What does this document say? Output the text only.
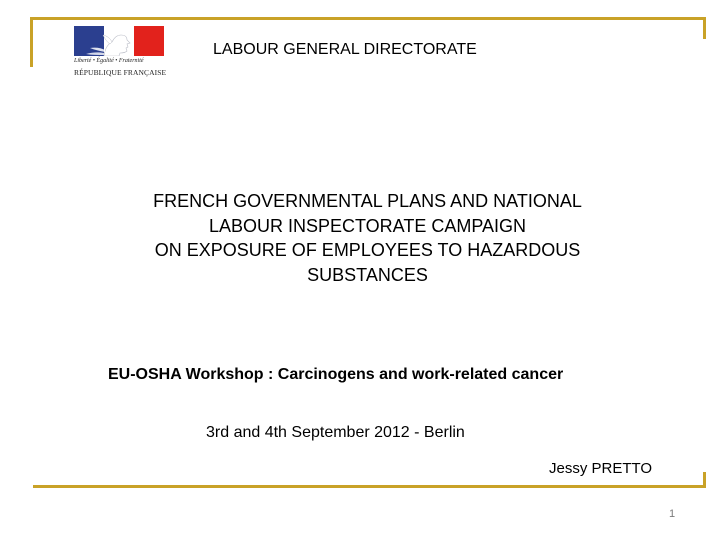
Liberté • Égalité • Fraternité
RÉPUBLIQUE FRANÇAISE
LABOUR GENERAL DIRECTORATE
FRENCH GOVERNMENTAL PLANS AND NATIONAL
LABOUR INSPECTORATE CAMPAIGN
ON EXPOSURE OF EMPLOYEES TO HAZARDOUS
SUBSTANCES
EU-OSHA Workshop : Carcinogens and work-related cancer
3rd and 4th September 2012 - Berlin
Jessy PRETTO
1
